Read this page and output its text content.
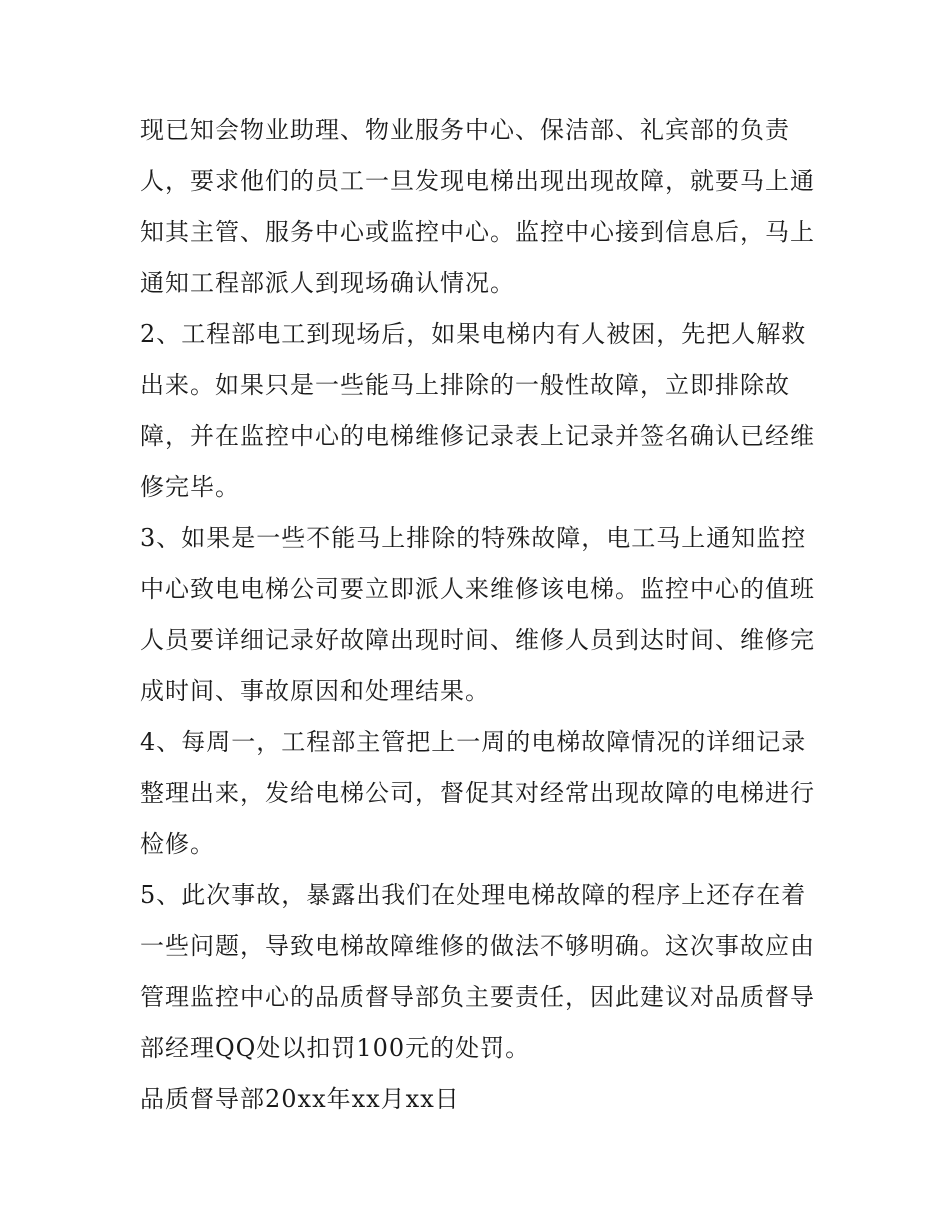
现已知会物业助理、物业服务中心、保洁部、礼宾部的负责
人，要求他们的员工一旦发现电梯出现出现故障，就要马上通
知其主管、服务中心或监控中心。监控中心接到信息后，马上
通知工程部派人到现场确认情况。

2、工程部电工到现场后，如果电梯内有人被困，先把人解救
出来。如果只是一些能马上排除的一般性故障，立即排除故
障，并在监控中心的电梯维修记录表上记录并签名确认已经维
修完毕。

3、如果是一些不能马上排除的特殊故障，电工马上通知监控
中心致电电梯公司要立即派人来维修该电梯。监控中心的值班
人员要详细记录好故障出现时间、维修人员到达时间、维修完
成时间、事故原因和处理结果。

4、每周一，工程部主管把上一周的电梯故障情况的详细记录
整理出来，发给电梯公司，督促其对经常出现故障的电梯进行
检修。

5、此次事故，暴露出我们在处理电梯故障的程序上还存在着
一些问题，导致电梯故障维修的做法不够明确。这次事故应由
管理监控中心的品质督导部负主要责任，因此建议对品质督导
部经理QQ处以扣罚100元的处罚。

品质督导部20xx年xx月xx日
